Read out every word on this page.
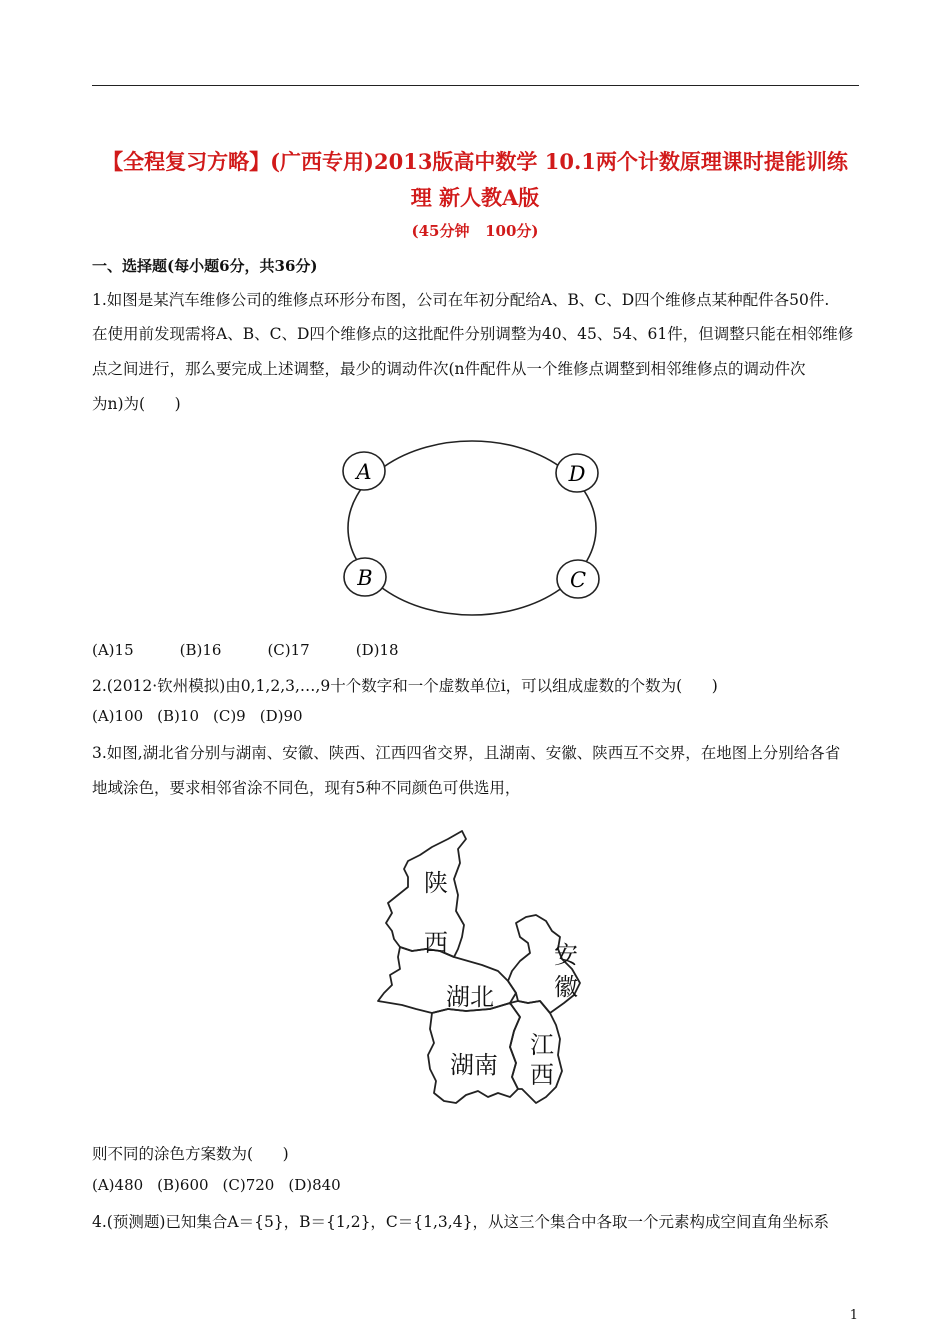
【全程复习方略】(广西专用)2013版高中数学 10.1两个计数原理课时提能训练
理 新人教A版
(45分钟   100分)
一、选择题(每小题6分，共36分)
1.如图是某汽车维修公司的维修点环形分布图，公司在年初分配给A、B、C、D四个维修点某种配件各50件.
在使用前发现需将A、B、C、D四个维修点的这批配件分别调整为40、45、54、61件，但调整只能在相邻维修
点之间进行，那么要完成上述调整，最少的调动件次(n件配件从一个维修点调整到相邻维修点的调动件次
为n)为(      )
A	D
B	C
(A)15	(B)16	(C)17	(D)18
2.(2012·钦州模拟)由0,1,2,3,…,9十个数字和一个虚数单位i，可以组成虚数的个数为(      )
(A)100 (B)10 (C)9 (D)90
3.如图,湖北省分别与湖南、安徽、陕西、江西四省交界，且湖南、安徽、陕西互不交界，在地图上分别给各省
地域涂色，要求相邻省涂不同色，现有5种不同颜色可供选用，
陕
西	安
徽
湖北
湖南
江
西
则不同的涂色方案数为(      )
(A)480 (B)600 (C)720 (D)840
4.(预测题)已知集合A＝{5}，B＝{1,2}，C＝{1,3,4}，从这三个集合中各取一个元素构成空间直角坐标系
1
